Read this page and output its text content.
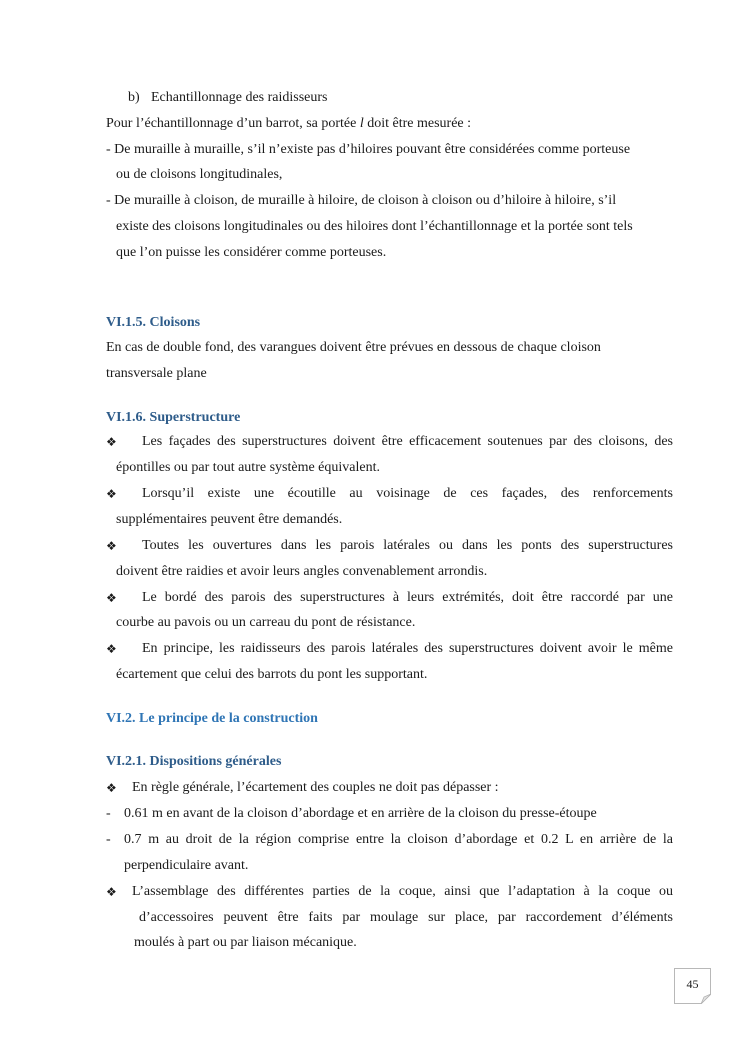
b) Echantillonnage des raidisseurs
Pour l’échantillonnage d’un barrot, sa portée l doit être mesurée :
- De muraille à muraille, s’il n’existe pas d’hiloires pouvant être considérées comme porteuse
ou de cloisons longitudinales,
- De muraille à cloison, de muraille à hiloire, de cloison à cloison ou d’hiloire à hiloire, s’il
existe des cloisons longitudinales ou des hiloires dont l’échantillonnage et la portée sont tels
que l’on puisse les considérer comme porteuses.
VI.1.5. Cloisons
En cas de double fond, des varangues doivent être prévues en dessous de chaque cloison
transversale plane
VI.1.6. Superstructure
❖ Les façades des superstructures doivent être efficacement soutenues par des cloisons, des
épontilles ou par tout autre système équivalent.
❖ Lorsqu’il existe une écoutille au voisinage de ces façades, des renforcements
supplémentaires peuvent être demandés.
❖ Toutes les ouvertures dans les parois latérales ou dans les ponts des superstructures
doivent être raidies et avoir leurs angles convenablement arrondis.
❖ Le bordé des parois des superstructures à leurs extrémités, doit être raccordé par une
courbe au pavois ou un carreau du pont de résistance.
❖ En principe, les raidisseurs des parois latérales des superstructures doivent avoir le même
écartement que celui des barrots du pont les supportant.
VI.2. Le principe de la construction
VI.2.1. Dispositions générales
❖ En règle générale, l’écartement des couples ne doit pas dépasser :
- 0.61 m en avant de la cloison d’abordage et en arrière de la cloison du presse-étoupe
- 0.7 m au droit de la région comprise entre la cloison d’abordage et 0.2 L en arrière de la
perpendiculaire avant.
❖ L’assemblage des différentes parties de la coque, ainsi que l’adaptation à la coque ou
d’accessoires peuvent être faits par moulage sur place, par raccordement d’éléments
moulés à part ou par liaison mécanique.
45
